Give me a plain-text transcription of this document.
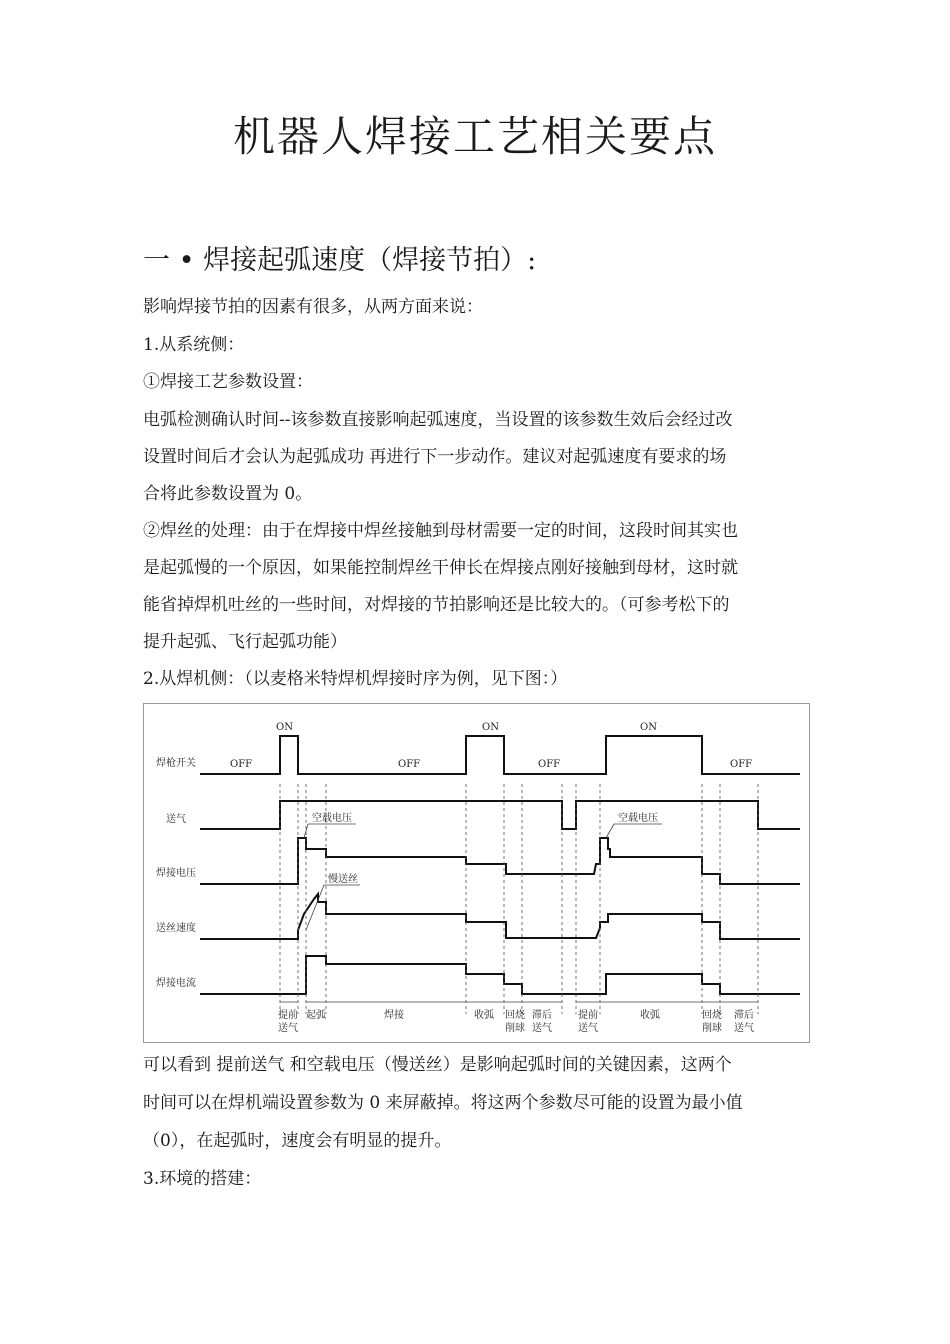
机器人焊接工艺相关要点
一 • 焊接起弧速度（焊接节拍）:

影响焊接节拍的因素有很多，从两方面来说：

1.从系统侧：

①焊接工艺参数设置：

电弧检测确认时间--该参数直接影响起弧速度，当设置的该参数生效后会经过改

设置时间后才会认为起弧成功 再进行下一步动作。建议对起弧速度有要求的场

合将此参数设置为 0。

②焊丝的处理：由于在焊接中焊丝接触到母材需要一定的时间，这段时间其实也

是起弧慢的一个原因，如果能控制焊丝干伸长在焊接点刚好接触到母材，这时就

能省掉焊机吐丝的一些时间，对焊接的节拍影响还是比较大的。（可参考松下的

提升起弧、飞行起弧功能）

2.从焊机侧：（以麦格米特焊机焊接时序为例，见下图：）

焊枪开关
送气
焊接电压
送丝速度
焊接电流
ON	ON	ON
OFF	OFF	OFF	OFF
空载电压	空载电压
慢送丝
提前
送气
起弧	焊接	收弧 回烧
削球
滞后
送气
提前
送气
收弧	回烧
削球
滞后
送气

可以看到 提前送气 和空载电压（慢送丝）是影响起弧时间的关键因素，这两个

时间可以在焊机端设置参数为 0 来屏蔽掉。将这两个参数尽可能的设置为最小值

（0），在起弧时，速度会有明显的提升。

3.环境的搭建：
